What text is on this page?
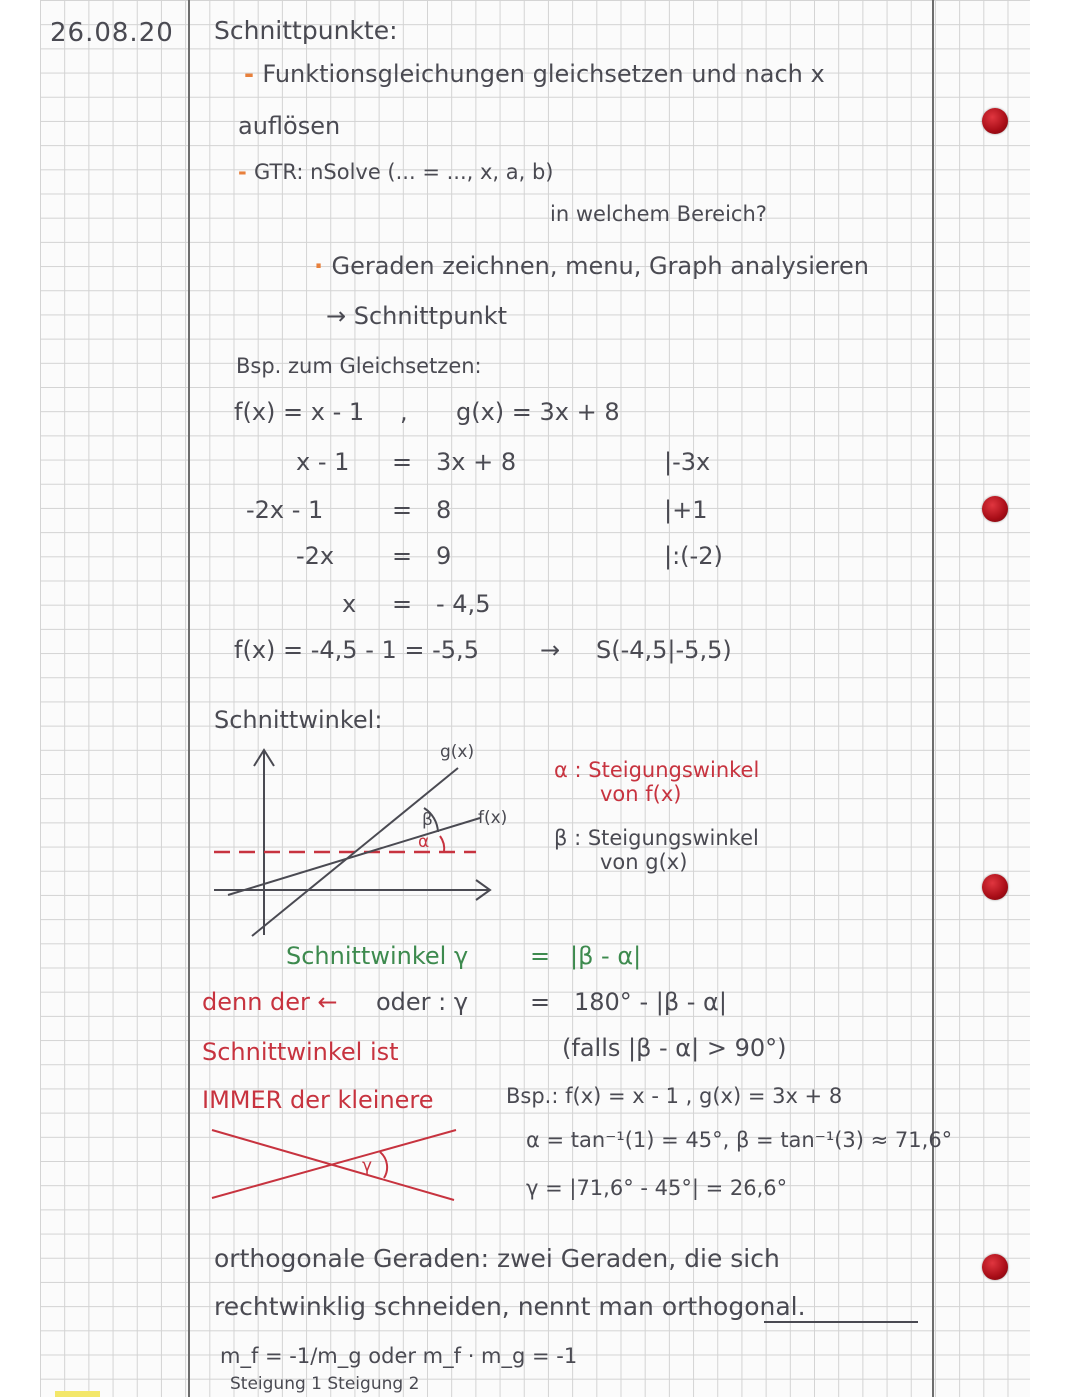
26.08.20 Schnittpunkte:
- Funktionsgleichungen gleichsetzen und nach x
auflösen
- GTR: nSolve (... = ..., x, a, b)
in welchem Bereich?
· Geraden zeichnen, menu, Graph analysieren
→ Schnittpunkt
Bsp. zum Gleichsetzen:
f(x) = x - 1 , g(x) = 3x + 8
x - 1 = 3x + 8	|-3x
-2x - 1	= 8	|+1
-2x = 9	|:(-2)
x = - 4,5
f(x) = -4,5 - 1 = -5,5	→ S(-4,5|-5,5)
Schnittwinkel:
g(x)
f(x)
β
α
α : Steigungswinkel
von f(x)
β : Steigungswinkel
von g(x)
Schnittwinkel γ	= |β - α|
denn der ← oder : γ	= 180° - |β - α|
Schnittwinkel ist	(falls |β - α| > 90°)
IMMER der kleinere	Bsp.: f(x) = x - 1 , g(x) = 3x + 8
α = tan⁻¹(1) = 45°, β = tan⁻¹(3) ≈ 71,6°
γ = |71,6° - 45°| = 26,6°
γ
orthogonale Geraden: zwei Geraden, die sich
rechtwinklig schneiden, nennt man orthogonal.
m_f = -1/m_g oder m_f · m_g = -1
Steigung 1 Steigung 2
